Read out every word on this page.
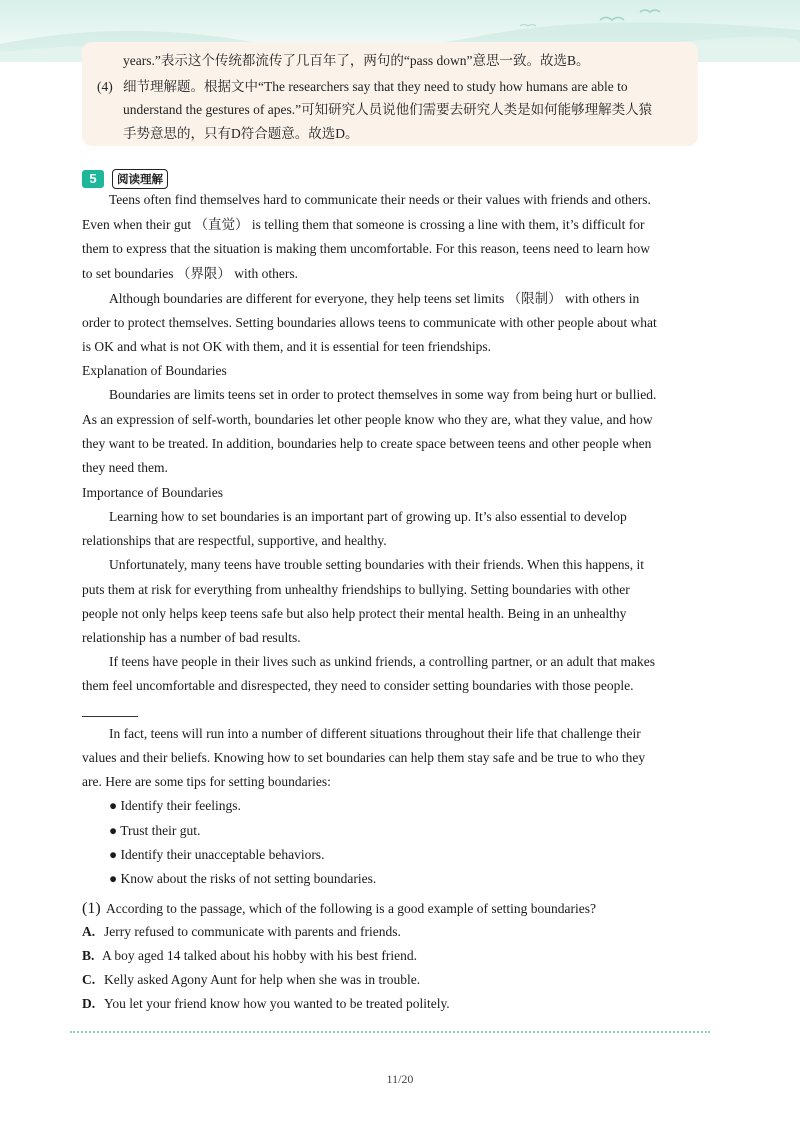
years.”表示这个传统都流传了几百年了，两句的“pass down”意思一致。故选B。
(4) 细节理解题。根据文中“The researchers say that they need to study how humans are able to
understand the gestures of apes.”可知研究人员说他们需要去研究人类是如何能够理解类人猿
手势意思的，只有D符合题意。故选D。
5	阅读理解
Teens often find themselves hard to communicate their needs or their values with friends and others.
Even when their gut （直觉） is telling them that someone is crossing a line with them, it’s difficult for
them to express that the situation is making them uncomfortable. For this reason, teens need to learn how
to set boundaries （界限） with others.
Although boundaries are different for everyone, they help teens set limits （限制） with others in
order to protect themselves. Setting boundaries allows teens to communicate with other people about what
is OK and what is not OK with them, and it is essential for teen friendships.
Explanation of Boundaries
Boundaries are limits teens set in order to protect themselves in some way from being hurt or bullied.
As an expression of self-worth, boundaries let other people know who they are, what they value, and how
they want to be treated. In addition, boundaries help to create space between teens and other people when
they need them.
Importance of Boundaries
Learning how to set boundaries is an important part of growing up. It’s also essential to develop
relationships that are respectful, supportive, and healthy.
Unfortunately, many teens have trouble setting boundaries with their friends. When this happens, it
puts them at risk for everything from unhealthy friendships to bullying. Setting boundaries with other
people not only helps keep teens safe but also help protect their mental health. Being in an unhealthy
relationship has a number of bad results.
If teens have people in their lives such as unkind friends, a controlling partner, or an adult that makes
them feel uncomfortable and disrespected, they need to consider setting boundaries with those people.
In fact, teens will run into a number of different situations throughout their life that challenge their
values and their beliefs. Knowing how to set boundaries can help them stay safe and be true to who they
are. Here are some tips for setting boundaries:
● Identify their feelings.
● Trust their gut.
● Identify their unacceptable behaviors.
● Know about the risks of not setting boundaries.
(1) According to the passage, which of the following is a good example of setting boundaries?
A. Jerry refused to communicate with parents and friends.
B. A boy aged 14 talked about his hobby with his best friend.
C. Kelly asked Agony Aunt for help when she was in trouble.
D. You let your friend know how you wanted to be treated politely.
11/20
